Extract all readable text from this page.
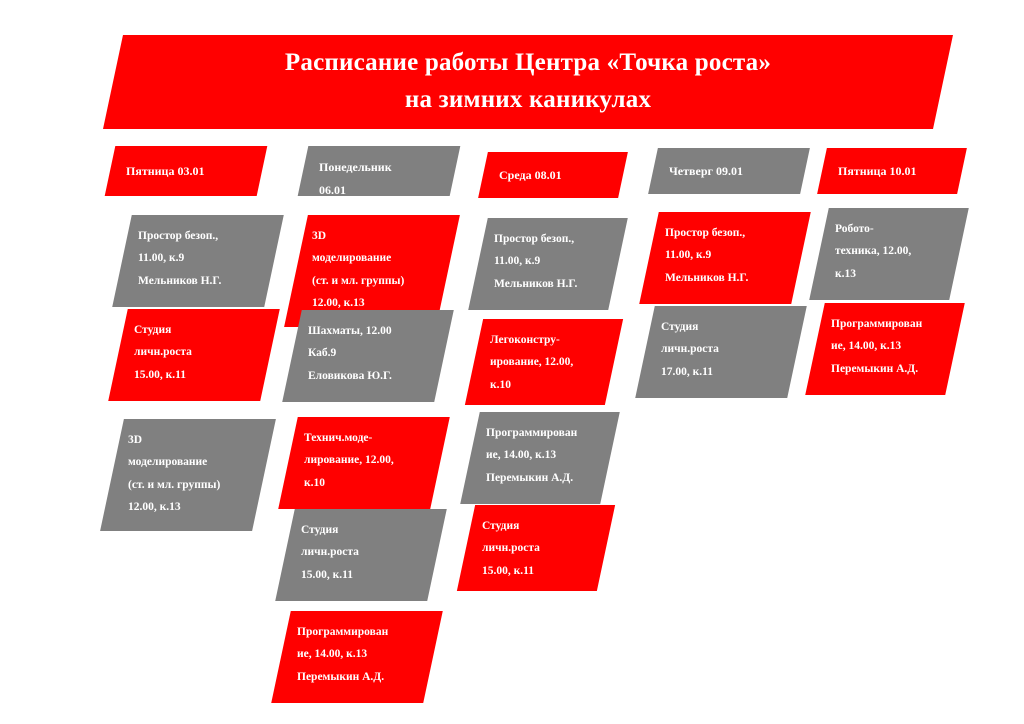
Расписание работы Центра «Точка роста»
на зимних каникулах
Пятница 03.01
Простор безоп.,
11.00, к.9
Мельников Н.Г.
Студия
личн.роста
15.00, к.11
3D
моделирование
(ст. и мл. группы)
12.00, к.13
Понедельник
06.01
3D
моделирование
(ст. и мл. группы)
12.00, к.13
Шахматы, 12.00
Каб.9
Еловикова Ю.Г.
Технич.моде-
лирование, 12.00,
к.10
Студия
личн.роста
15.00, к.11
Программирован
ие, 14.00, к.13
Перемыкин А.Д.
Среда 08.01
Простор безоп.,
11.00, к.9
Мельников Н.Г.
Легоконстру-
ирование, 12.00,
к.10
Программирован
ие, 14.00, к.13
Перемыкин А.Д.
Студия
личн.роста
15.00, к.11
Четверг 09.01
Простор безоп.,
11.00, к.9
Мельников Н.Г.
Студия
личн.роста
17.00, к.11
Пятница 10.01
Робото-
техника, 12.00,
к.13
Программирован
ие, 14.00, к.13
Перемыкин А.Д.
